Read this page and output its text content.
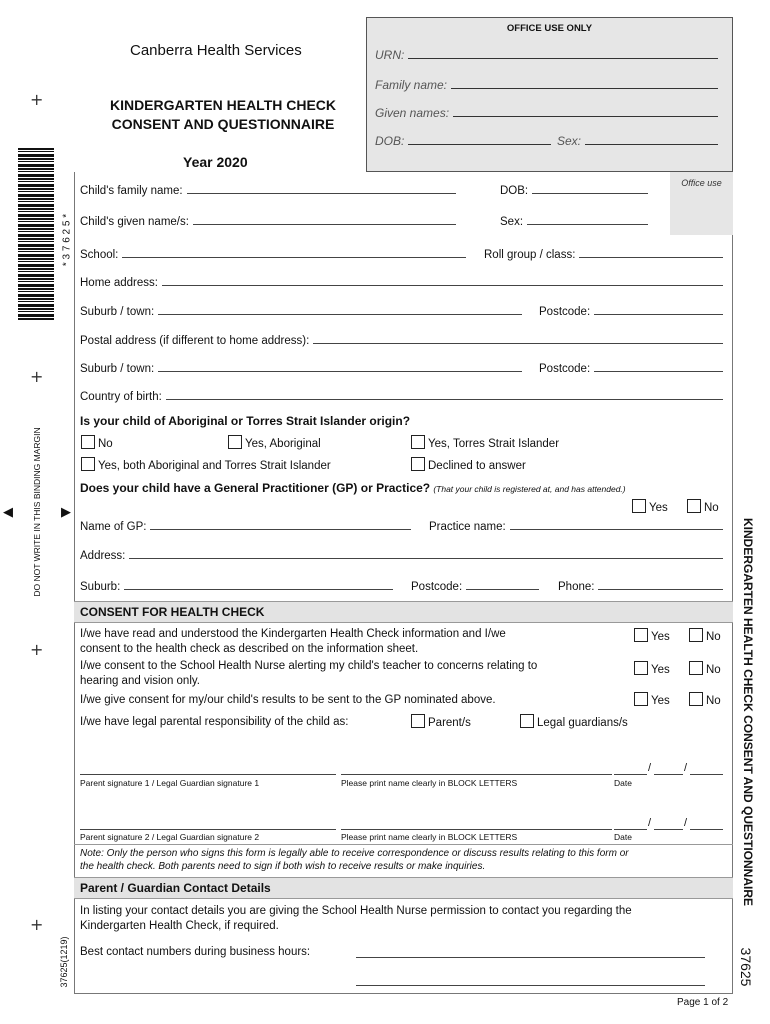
+
+
+
+
* 3 7 6 2 5 *
DO NOT WRITE IN THIS BINDING MARGIN
◀	▶
37625(1219)
KINDERGARTEN HEALTH CHECK CONSENT AND QUESTIONNAIRE
37625
Canberra Health Services
KINDERGARTEN HEALTH CHECK
CONSENT AND QUESTIONNAIRE
Year 2020
OFFICE USE ONLY
URN:
Family name:
Given names:
DOB:	Sex:
Office use
Child's family name:	DOB:
Child's given name/s:	Sex:
School:	Roll group / class:
Home address:
Suburb / town:	Postcode:
Postal address (if different to home address):
Suburb / town:	Postcode:
Country of birth:
Is your child of Aboriginal or Torres Strait Islander origin?
No	Yes, Aboriginal	Yes, Torres Strait Islander
Yes, both Aboriginal and Torres Strait Islander	Declined to answer
Does your child have a General Practitioner (GP) or Practice? (That your child is registered at, and has attended.)
Yes	No
Name of GP:	Practice name:
Address:
Suburb:	Postcode:	Phone:
CONSENT FOR HEALTH CHECK
I/we have read and understood the Kindergarten Health Check information and I/we
consent to the health check as described on the information sheet.
Yes	No
I/we consent to the School Health Nurse alerting my child's teacher to concerns relating to
hearing and vision only.
Yes	No
I/we give consent for my/our child's results to be sent to the GP nominated above.	Yes	No
I/we have legal parental responsibility of the child as:	Parent/s	Legal guardians/s
/	/
Parent signature 1 / Legal Guardian signature 1	Please print name clearly in BLOCK LETTERS	Date
/	/
Parent signature 2 / Legal Guardian signature 2	Please print name clearly in BLOCK LETTERS	Date
Note: Only the person who signs this form is legally able to receive correspondence or discuss results relating to this form or
the health check. Both parents need to sign if both wish to receive results or make inquiries.
Parent / Guardian Contact Details
In listing your contact details you are giving the School Health Nurse permission to contact you regarding the
Kindergarten Health Check, if required.
Best contact numbers during business hours:
Page 1 of 2
